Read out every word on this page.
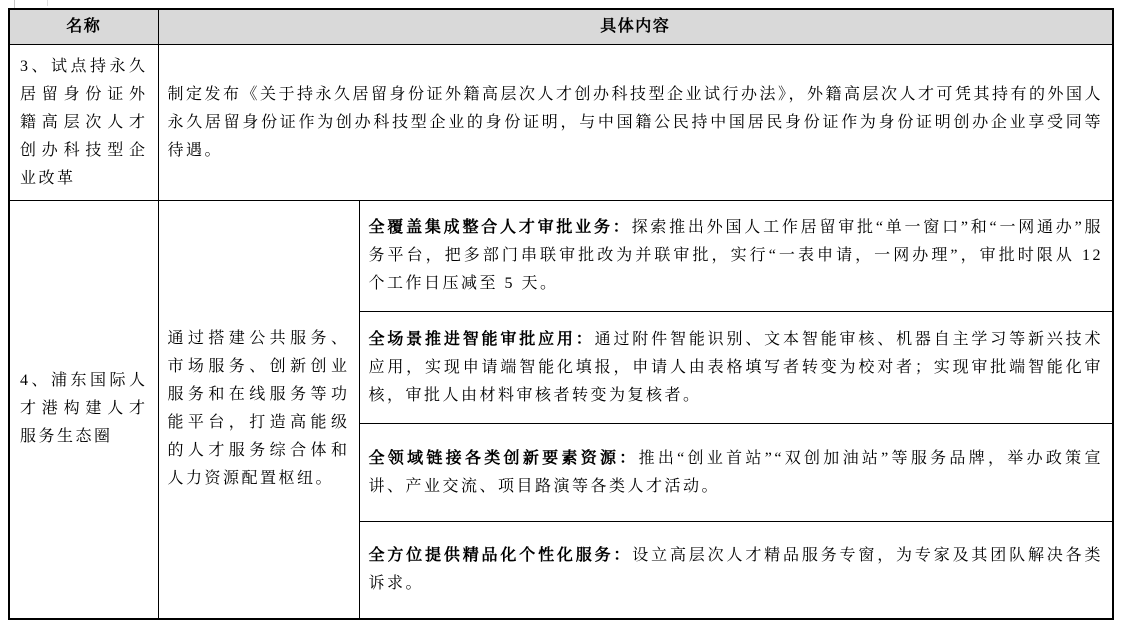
名称	具体内容	
3、试点持永久居留身份证外籍高层次人才创办科技型企业改革	制定发布《关于持永久居留身份证外籍高层次人才创办科技型企业试行办法》，外籍高层次人才可凭其持有的外国人永久居留身份证作为创办科技型企业的身份证明，与中国籍公民持中国居民身份证作为身份证明创办企业享受同等待遇。	
4、浦东国际人才港构建人才服务生态圈	通过搭建公共服务、市场服务、创新创业服务和在线服务等功能平台，打造高能级的人才服务综合体和人力资源配置枢纽。	全覆盖集成整合人才审批业务：探索推出外国人工作居留审批“单一窗口”和“一网通办”服务平台，把多部门串联审批改为并联审批，实行“一表申请，一网办理”，审批时限从 12 个工作日压减至 5 天。
		全场景推进智能审批应用：通过附件智能识别、文本智能审核、机器自主学习等新兴技术应用，实现申请端智能化填报，申请人由表格填写者转变为校对者；实现审批端智能化审核，审批人由材料审核者转变为复核者。
		全领域链接各类创新要素资源：推出“创业首站”“双创加油站”等服务品牌，举办政策宣讲、产业交流、项目路演等各类人才活动。
		全方位提供精品化个性化服务：设立高层次人才精品服务专窗，为专家及其团队解决各类诉求。
